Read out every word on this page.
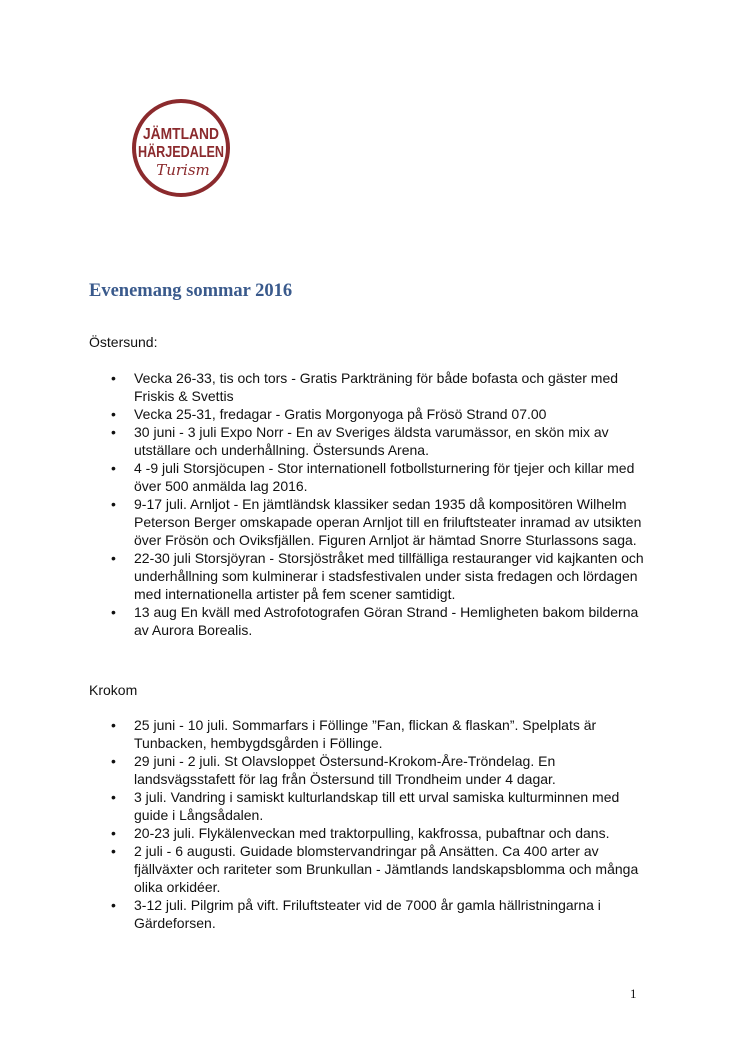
JÄMTLAND
HÄRJEDALEN
Turism
Evenemang sommar 2016

Östersund:

• Vecka 26-33, tis och tors - Gratis Parkträning för både bofasta och gäster med Friskis & Svettis
• Vecka 25-31, fredagar - Gratis Morgonyoga på Frösö Strand 07.00
• 30 juni - 3 juli Expo Norr - En av Sveriges äldsta varumässor, en skön mix av utställare och underhållning. Östersunds Arena.
• 4 -9 juli Storsjöcupen - Stor internationell fotbollsturnering för tjejer och killar med över 500 anmälda lag 2016.
• 9-17 juli. Arnljot - En jämtländsk klassiker sedan 1935 då kompositören Wilhelm Peterson Berger omskapade operan Arnljot till en friluftsteater inramad av utsikten över Frösön och Oviksfjällen. Figuren Arnljot är hämtad Snorre Sturlassons saga.
• 22-30 juli Storsjöyran - Storsjöstråket med tillfälliga restauranger vid kajkanten och underhållning som kulminerar i stadsfestivalen under sista fredagen och lördagen med internationella artister på fem scener samtidigt.
• 13 aug En kväll med Astrofotografen Göran Strand - Hemligheten bakom bilderna av Aurora Borealis.

Krokom

• 25 juni - 10 juli. Sommarfars i Föllinge ”Fan, flickan & flaskan”. Spelplats är Tunbacken, hembygdsgården i Föllinge.
• 29 juni - 2 juli. St Olavsloppet Östersund-Krokom-Åre-Tröndelag. En landsvägsstafett för lag från Östersund till Trondheim under 4 dagar.
• 3 juli. Vandring i samiskt kulturlandskap till ett urval samiska kulturminnen med guide i Långsådalen.
• 20-23 juli. Flykälenveckan med traktorpulling, kakfrossa, pubaftnar och dans.
• 2 juli - 6 augusti. Guidade blomstervandringar på Ansätten. Ca 400 arter av fjällväxter och rariteter som Brunkullan - Jämtlands landskapsblomma och många olika orkidéer.
• 3-12 juli. Pilgrim på vift. Friluftsteater vid de 7000 år gamla hällristningarna i Gärdeforsen.
1
